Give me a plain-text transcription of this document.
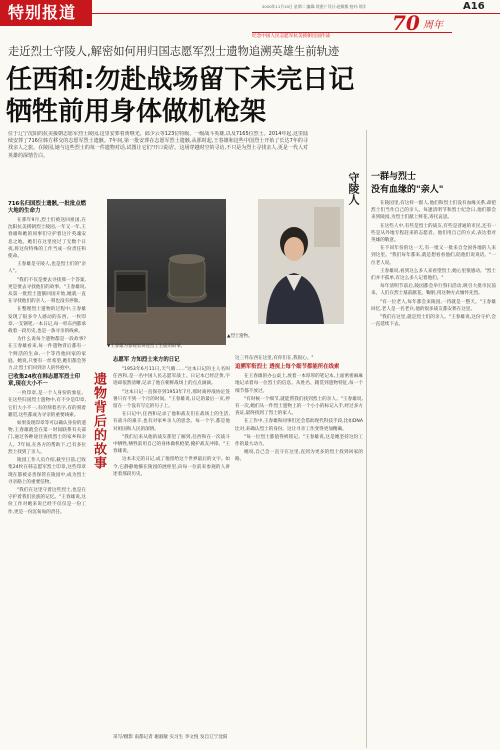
特别报道	2020年11月10日 星期二 编辑:刘建宁 设计:赵敏敏 校对:刘洋	A16
70 周年
纪念中国人民志愿军抗美援朝出国作战
走近烈士守陵人,解密如何用归国志愿军烈士遗物追溯英雄生前轨迹
任西和:勿赴战场留下未完日记
牺牲前用身体做机枪架
位于辽宁沈阳的抗美援朝志愿军烈士陵园,这里安葬着黄继光、邱少云等123位特级、一级战斗英雄,以及7165位烈士。2014年起,这里陆续安葬了716位韩方移交的志愿军烈士遗骸。7年间,第一批安葬在志愿军烈士遗骸,从那时起,王春雄和这些中国烈士开始了长达7年的寻找亲人之旅。在陵园,她与这些烈士的每一件遗物对话,试图让它们'开口说话'。这场穿越时空的寻访,不只是为烈士寻找亲人,更是一代人对英雄的深情告白。
守陵人 一群与烈士
没有血缘的"亲人"

在陵园里,有这样一群人,他们和烈士们没有血缘关系,却把烈士们当作自己的亲人。每逢清明节和烈士纪念日,他们都会来到陵园,为烈士们献上鲜花,寄托哀思。

在这些人中,有些是烈士的战友,有些是普通的市民,还有一些是从外地专程赶来的志愿者。他们用自己的方式,表达着对英雄的敬意。

在不同年份的这一天,有一批又一批来自全国各地的人来到这里。"我们每年都来,就是想看看他们,陪他们说说话。"一位老人说。

王春雄说,看到这么多人来看望烈士,她心里很感动。"烈士们并不孤单,有这么多人记着他们。"

每年清明节前后,陵园都会举行祭扫活动,吸引大批市民前来。人们在烈士墓前献花、鞠躬,用这种方式缅怀先烈。

"有一位老人,每年都会来陵园,一待就是一整天。"王春雄回忆,老人是一名老兵,他的很多战友都安葬在这里。

"我们在这里,就是烈士们的亲人。"王春雄说,这份守护,会一直延续下去。

716名归国烈士遗骸,一批批点燃大地的生命力

在那年9月,烈士们被送回祖国,在沈阳抗美援朝烈士陵园,一年又一年,王春雄和她的同事们守护着这片英魂安息之地。她们在这里度过了无数个日夜,将这份特殊的工作当成一份责任和使命。

王春雄是守陵人,也是烈士们的"亲人"。

"我们不仅是要去寻找那一个答案,更是要去寻找他们的故事。"王春雄说,从第一批烈士遗骸回国开始,她就一直在寻找他们的亲人,一刻也没有停歇。

在整理烈士遗物的过程中,王春雄发现了很多令人感动的东西。一枚印章,一支钢笔,一本日记,每一样东西都承载着一段历史,也是一条寻亲的线索。

为什么说每个遗物都是一段故事?在王春雄看来,每一件遗物背后都有一个鲜活的生命,一个等待他回家的家庭。她说,只要有一丝希望,她们都会努力,让烈士们回到亲人的怀抱中。

已收集24枚在韩志愿军烈士印章,现在大小不一

一枚印章,是一个人身份的象征。在这些归国烈士遗物中,有不少是印章,它们大小不一,有的刻着名字,有的刻着籍贯,这些都成为寻亲的重要线索。

如果发现印章等可以确认身份的遗物,王春雄就会在第一时间联系有关部门,通过各种途径查找烈士的家乡和亲人。7年间,在各方的帮助下,已有多位烈士找到了亲人。

陵园工作人员介绍,截至目前,已收集24枚在韩志愿军烈士印章,这些印章现在都被妥善保管在陵园中,成为烈士寻亲路上的重要信物。

"我们在这里守着这些烈士,也是在守护着我们民族的记忆。"王春雄说,这份工作对她来说已经不仅仅是一份工作,更是一份沉甸甸的责任。

遗物背后的故事
▲烈士遗物。
▼王春雄为参观者讲述烈士生前的故事。
志愿军 方知烈士来方的日记

"1953年6月11日,天气晴……"这本日记的主人名叫任西和,是一名中国人民志愿军战士。日记本已经泛黄,字迹却依然清晰,记录了他在朝鲜战场上的点点滴滴。

"这本日记一直保存到1953年7月,那时离停战协定签署只有不到一个月的时间。"王春雄说,日记的最后一页,停留在一个没有写完的句子上。

在日记中,任西和记录了他和战友们在战场上的生活,有战斗的艰辛,也有对家乡亲人的思念。每一个字,都是他对祖国和人民的深情。

"我们后来从他的战友那里了解到,任西和在一次战斗中牺牲,牺牲前用自己的身体做机枪架,掩护战友冲锋。"王春雄说。

这本未完的日记,成了他留给这个世界最后的文字。如今,它静静地躺在陵园的展柜里,向每一位前来参观的人讲述着那段历史。

这三件东西在这里,有你们在,我很心。"

追溯军衔烈士 透视上每个细节都能所在线索

在王春雄的办公桌上,放着一本厚厚的笔记本,上面密密麻麻地记录着每一位烈士的信息。从姓名、籍贯到遗物特征,每一个细节都不放过。

"有时候一个细节,就能帮我们找到烈士的亲人。"王春雄说,有一次,她们从一件烈士遗物上的一个小小的标记入手,经过多方查证,最终找到了烈士的家人。

在工作中,王春雄和同事们还会借助现代科技手段,比如DNA比对,来确认烈士的身份。这让寻亲工作变得更加精确。

"每一位烈士都值得被铭记。"王春雄说,这是她坚持这份工作的最大动力。

她说,自己会一直守在这里,直到为更多的烈士找到回家的路。

采写/摄影 南都记者 谢淑敏 实习生 李文悦 发自辽宁沈阳
